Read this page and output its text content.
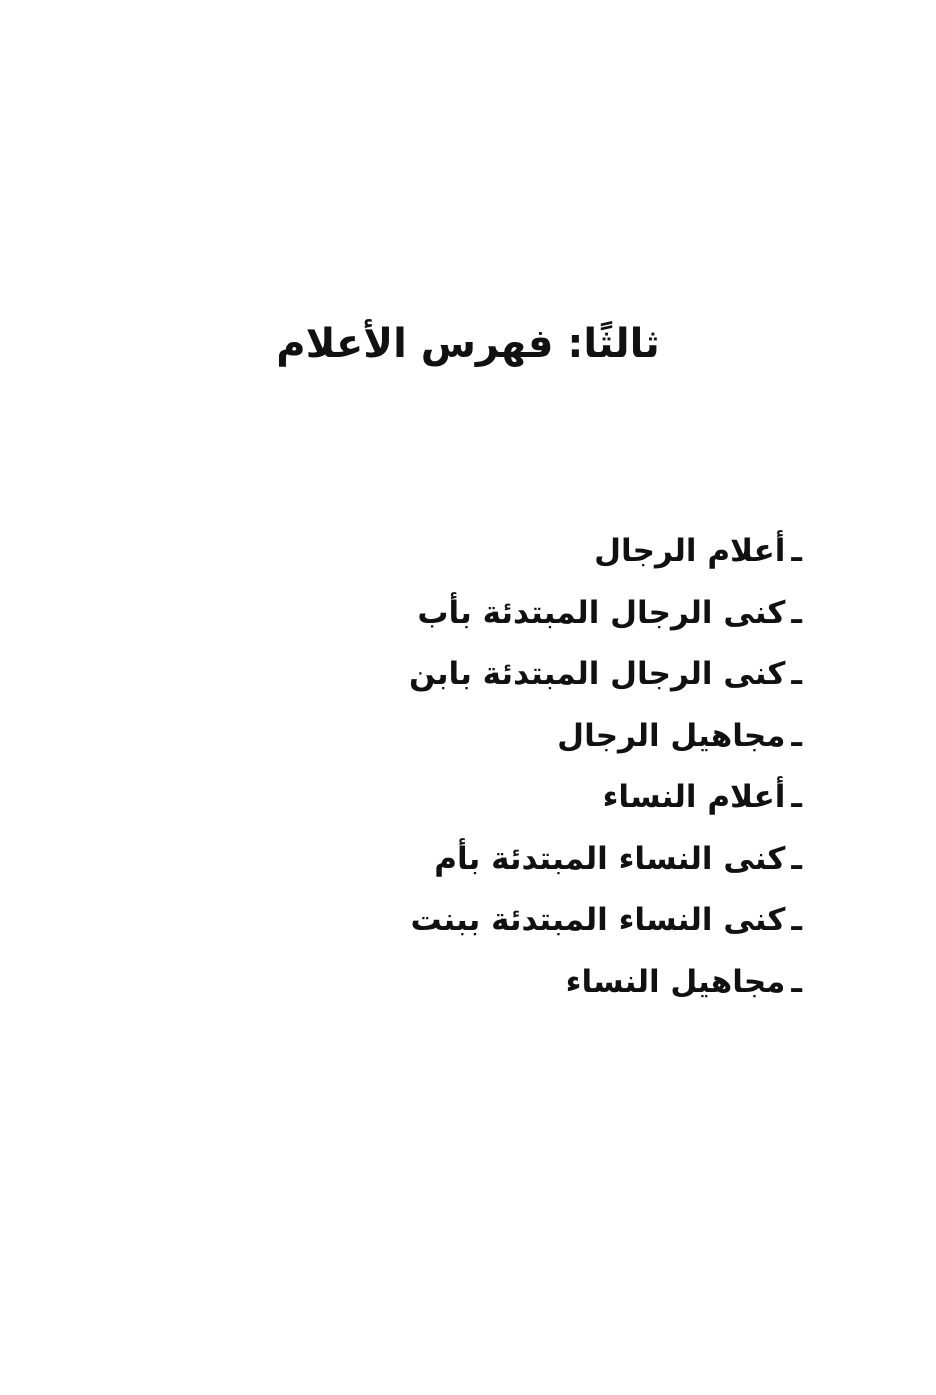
ثالثًا: فهرس الأعلام
ـأعلام الرجال
ـكنى الرجال المبتدئة بأب
ـكنى الرجال المبتدئة بابن
ـمجاهيل الرجال
ـأعلام النساء
ـكنى النساء المبتدئة بأم
ـكنى النساء المبتدئة ببنت
ـمجاهيل النساء
